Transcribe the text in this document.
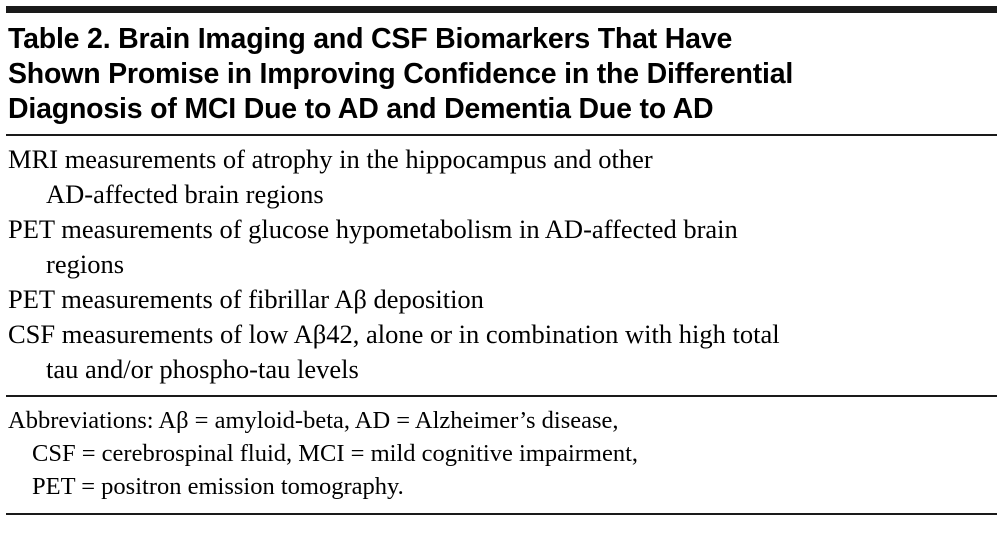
Table 2. Brain Imaging and CSF Biomarkers That Have
Shown Promise in Improving Confidence in the Differential
Diagnosis of MCI Due to AD and Dementia Due to AD
MRI measurements of atrophy in the hippocampus and other
AD-affected brain regions
PET measurements of glucose hypometabolism in AD-affected brain
regions
PET measurements of fibrillar Aβ deposition
CSF measurements of low Aβ42, alone or in combination with high total
tau and/or phospho-tau levels
Abbreviations: Aβ = amyloid-beta, AD = Alzheimer’s disease,
CSF = cerebrospinal fluid, MCI = mild cognitive impairment,
PET = positron emission tomography.
